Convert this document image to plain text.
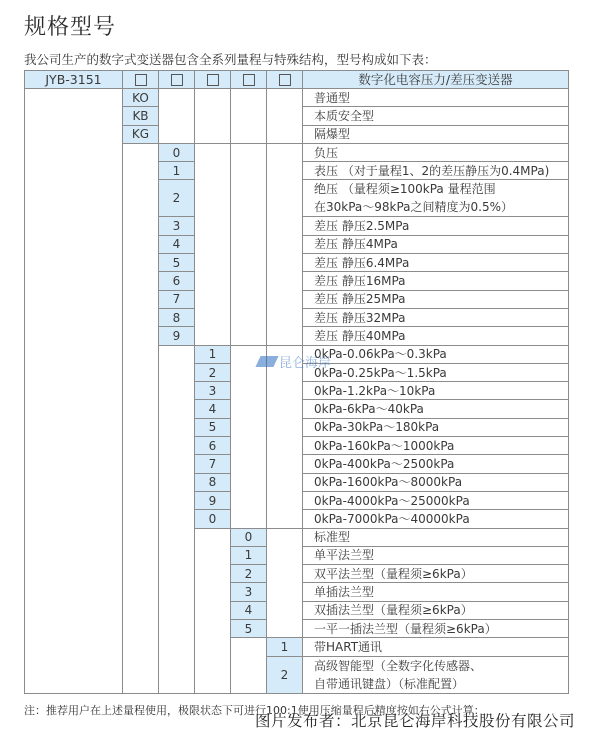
规格型号
我公司生产的数字式变送器包含全系列量程与特殊结构，型号构成如下表：
JYB-3151						数字化电容压力/差压变送器
	KO					普通型

	KB					本质安全型

	KG					隔爆型

		0				负压

		1				表压 （对于量程1、2的差压静压为0.4MPa)

		2				绝压 （量程须≥100kPa 量程范围
在30kPa～98kPa之间精度为0.5%）

		3				差压 静压2.5MPa

		4				差压 静压4MPa

		5				差压 静压6.4MPa

		6				差压 静压16MPa

		7				差压 静压25MPa

		8				差压 静压32MPa

		9				差压 静压40MPa

			1			0kPa-0.06kPa～0.3kPa

			2			0kPa-0.25kPa～1.5kPa

			3			0kPa-1.2kPa～10kPa

			4			0kPa-6kPa～40kPa

			5			0kPa-30kPa～180kPa

			6			0kPa-160kPa～1000kPa

			7			0kPa-400kPa～2500kPa

			8			0kPa-1600kPa～8000kPa

			9			0kPa-4000kPa～25000kPa

			0			0kPa-7000kPa～40000kPa

				0		标准型

				1		单平法兰型

				2		双平法兰型（量程须≥6kPa）

				3		单插法兰型

				4		双插法兰型（量程须≥6kPa）

				5		一平一插法兰型（量程须≥6kPa）

					1	带HART通讯

					2	高级智能型（全数字化传感器、
自带通讯键盘）（标准配置）
昆仑海岸
注：推荐用户在上述量程使用，极限状态下可进行100:1使用压缩量程后精度按如右公式计算：
图片发布者：北京昆仑海岸科技股份有限公司
